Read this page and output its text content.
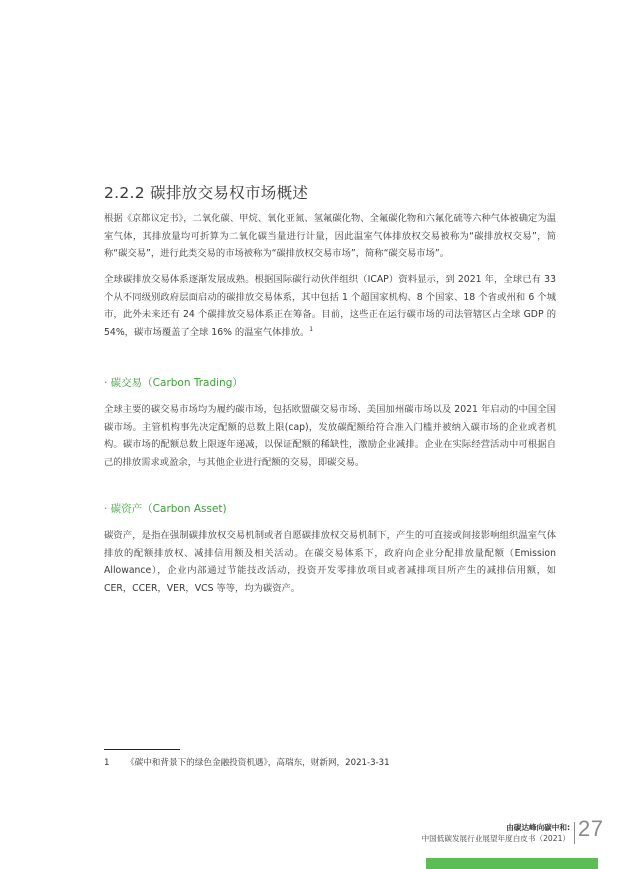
2.2.2 碳排放交易权市场概述

根据《京都议定书》，二氧化碳、甲烷、氧化亚氮、氢氟碳化物、全氟碳化物和六氟化硫等六种气体被确定为温室气体，其排放量均可折算为二氧化碳当量进行计量，因此温室气体排放权交易被称为“碳排放权交易”，简称“碳交易”，进行此类交易的市场被称为“碳排放权交易市场”，简称“碳交易市场”。

全球碳排放交易体系逐渐发展成熟。根据国际碳行动伙伴组织（ICAP）资料显示，到 2021 年，全球已有 33 个从不同级别政府层面启动的碳排放交易体系，其中包括 1 个超国家机构、8 个国家、18 个省或州和 6 个城市，此外未来还有 24 个碳排放交易体系正在筹备。目前，这些正在运行碳市场的司法管辖区占全球 GDP 的 54%，碳市场覆盖了全球 16% 的温室气体排放。$^1$

· 碳交易（Carbon Trading）

全球主要的碳交易市场均为履约碳市场，包括欧盟碳交易市场、美国加州碳市场以及 2021 年启动的中国全国碳市场。主管机构事先决定配额的总数上限(cap)，发放碳配额给符合准入门槛并被纳入碳市场的企业或者机构。碳市场的配额总数上限逐年递减，以保证配额的稀缺性，激励企业减排。企业在实际经营活动中可根据自己的排放需求或盈余，与其他企业进行配额的交易，即碳交易。

· 碳资产（Carbon Asset)

碳资产，是指在强制碳排放权交易机制或者自愿碳排放权交易机制下，产生的可直接或间接影响组织温室气体排放的配额排放权、减排信用额及相关活动。在碳交易体系下，政府向企业分配排放量配额（Emission Allowance），企业内部通过节能技改活动，投资开发零排放项目或者减排项目所产生的减排信用额，如 CER，CCER，VER，VCS 等等，均为碳资产。

1 《碳中和背景下的绿色金融投资机遇》，高瑞东，财新网，2021-3-31

由碳达峰向碳中和:
中国低碳发展行业展望年度白皮书（2021） 27
